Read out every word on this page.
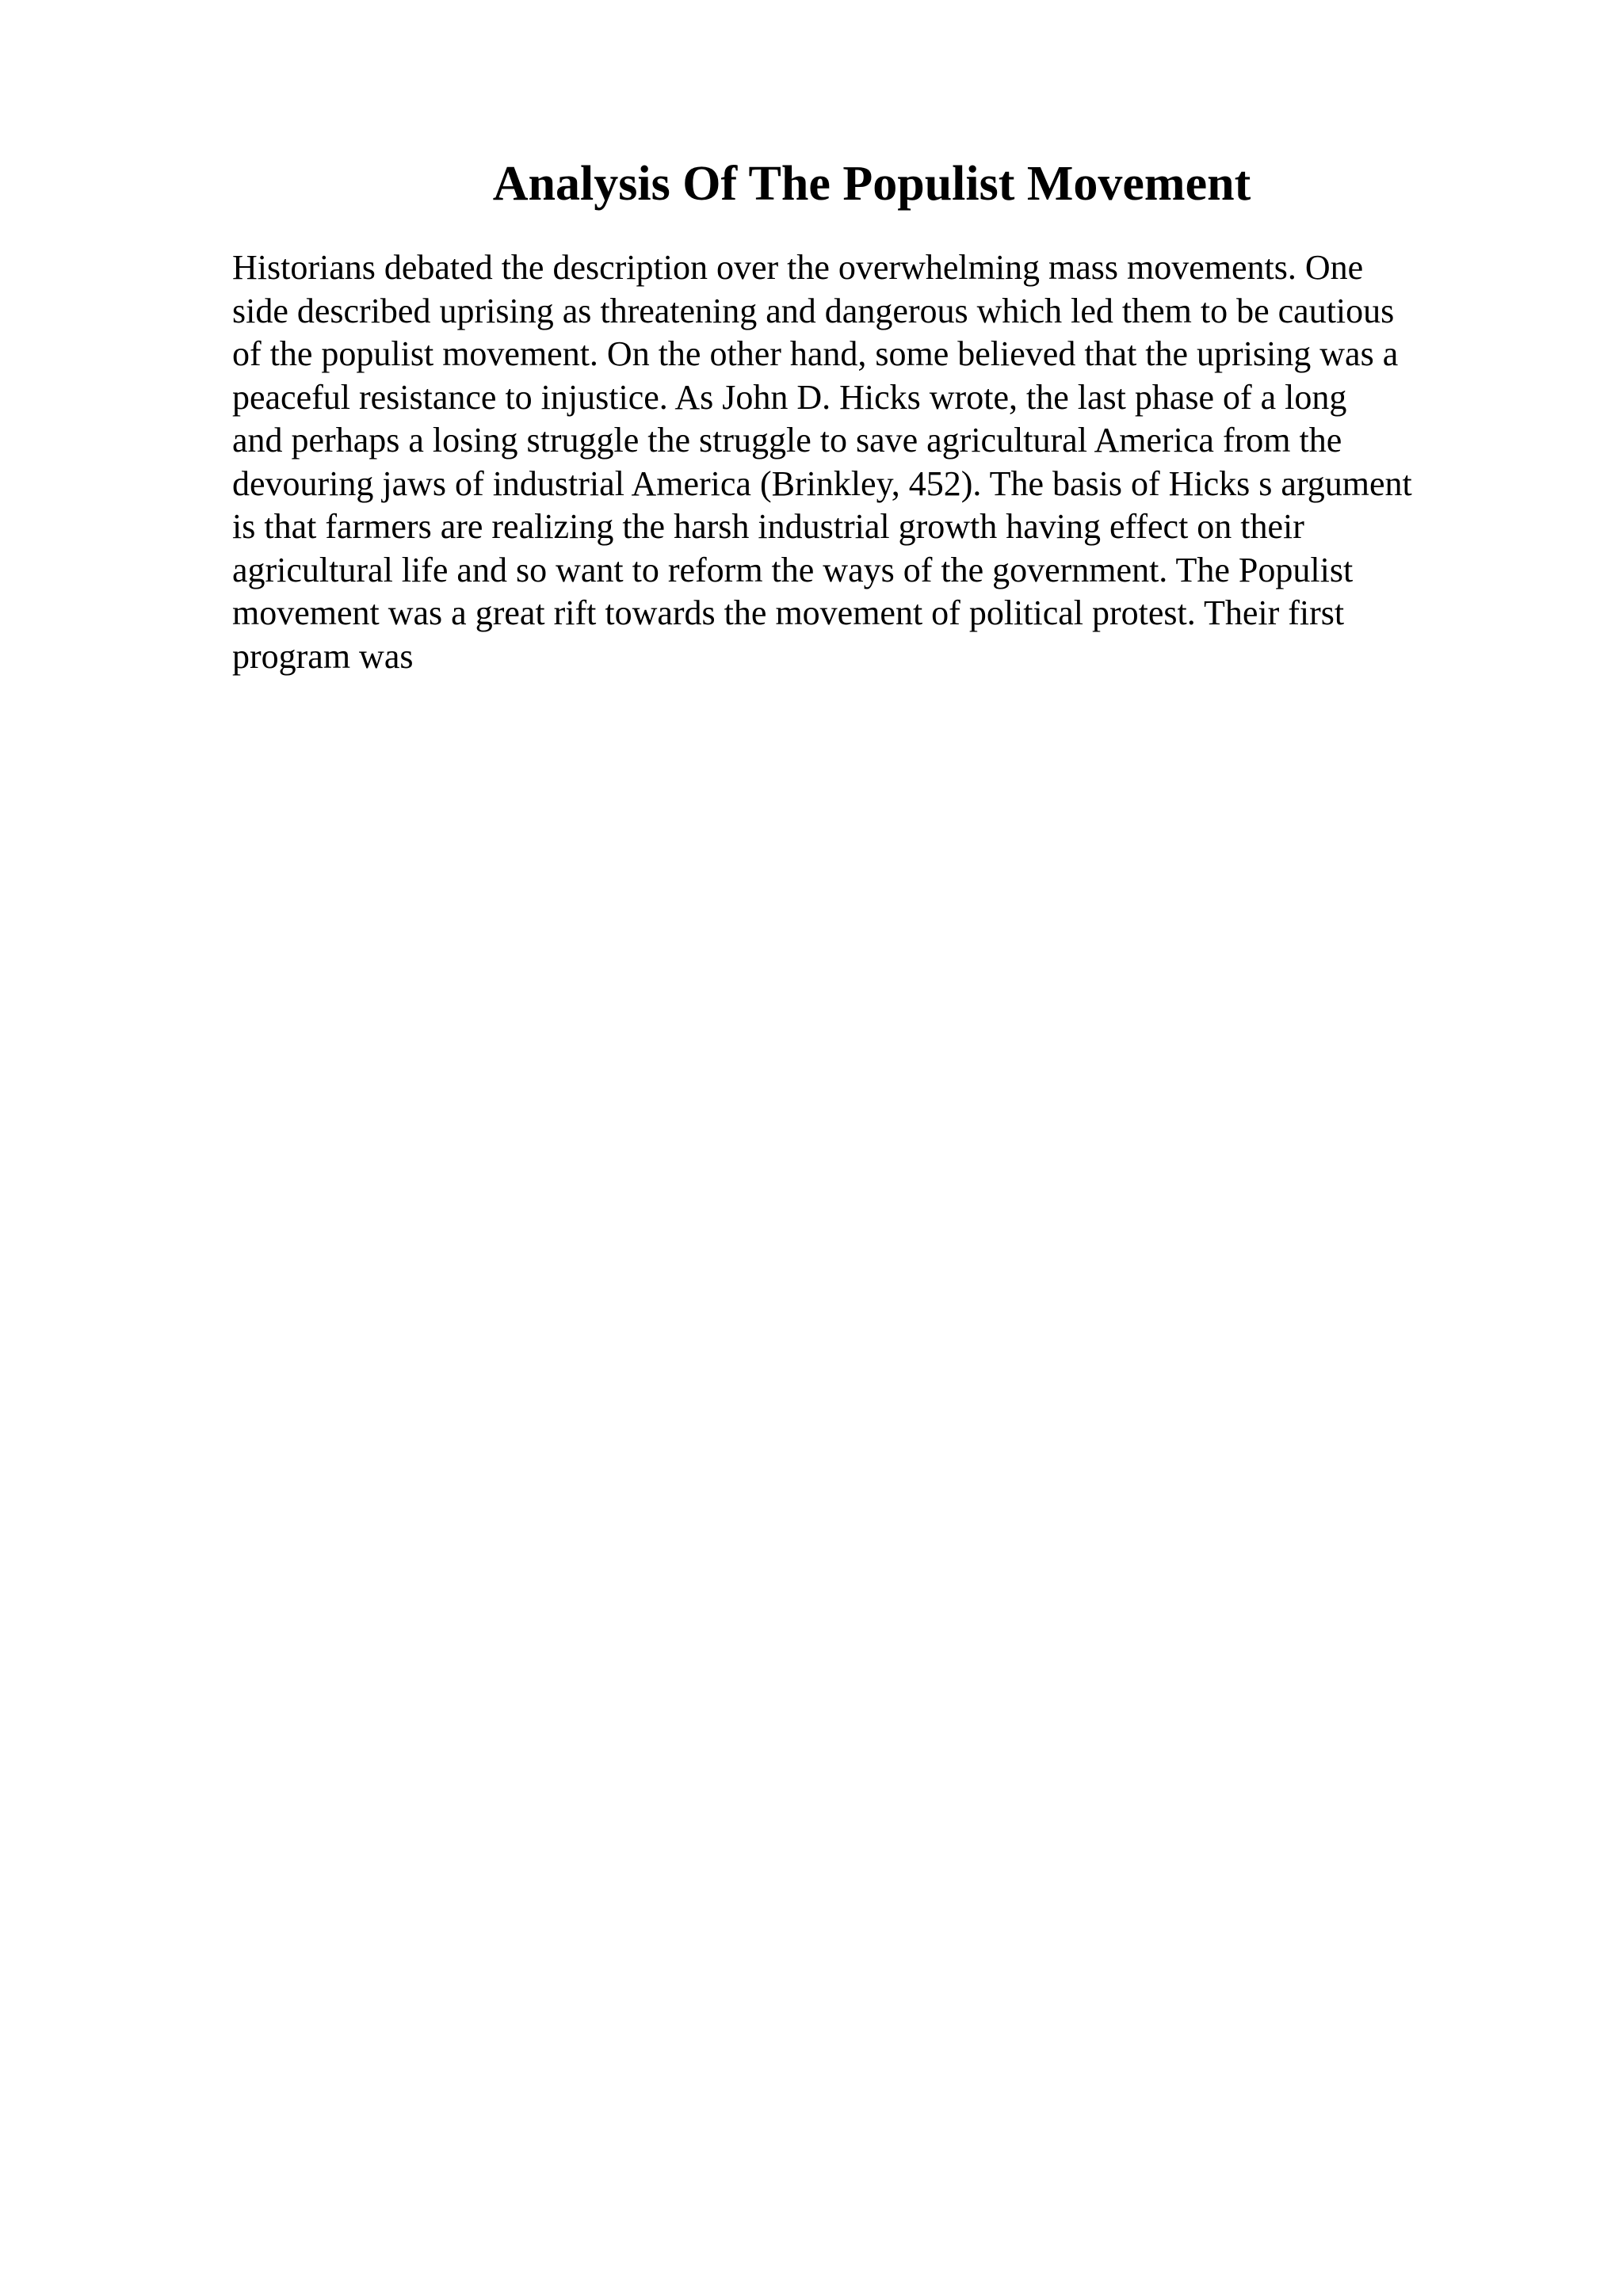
Analysis Of The Populist Movement
Historians debated the description over the overwhelming mass movements. One
side described uprising as threatening and dangerous which led them to be cautious
of the populist movement. On the other hand, some believed that the uprising was a
peaceful resistance to injustice. As John D. Hicks wrote, the last phase of a long
and perhaps a losing struggle the struggle to save agricultural America from the
devouring jaws of industrial America (Brinkley, 452). The basis of Hicks s argument
is that farmers are realizing the harsh industrial growth having effect on their
agricultural life and so want to reform the ways of the government. The Populist
movement was a great rift towards the movement of political protest. Their first
program was
